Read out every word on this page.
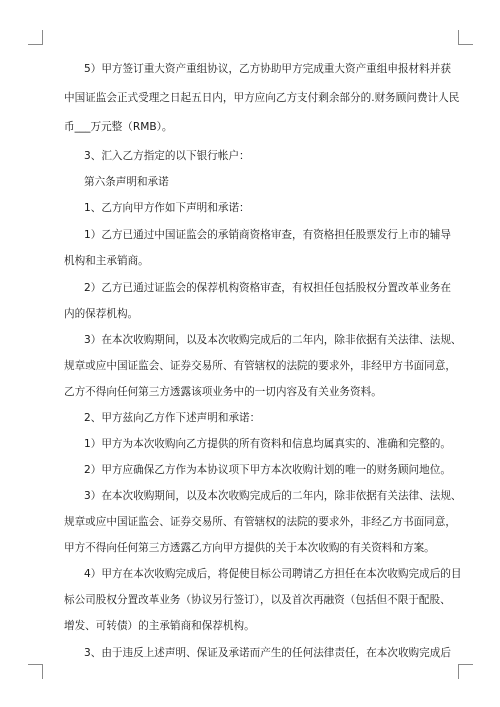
5）甲方签订重大资产重组协议，乙方协助甲方完成重大资产重组申报材料并获
中国证监会正式受理之日起五日内，甲方应向乙方支付剩余部分的.财务顾问费计人民
币___万元整（RMB）。
3、汇入乙方指定的以下银行帐户：
第六条声明和承诺
1、乙方向甲方作如下声明和承诺：
1）乙方已通过中国证监会的承销商资格审查，有资格担任股票发行上市的辅导
机构和主承销商。
2）乙方已通过证监会的保荐机构资格审查，有权担任包括股权分置改革业务在
内的保荐机构。
3）在本次收购期间，以及本次收购完成后的二年内，除非依据有关法律、法规、
规章或应中国证监会、证券交易所、有管辖权的法院的要求外，非经甲方书面同意，
乙方不得向任何第三方透露该项业务中的一切内容及有关业务资料。
2、甲方兹向乙方作下述声明和承诺：
1）甲方为本次收购向乙方提供的所有资料和信息均属真实的、准确和完整的。
2）甲方应确保乙方作为本协议项下甲方本次收购计划的唯一的财务顾问地位。
3）在本次收购期间，以及本次收购完成后的二年内，除非依据有关法律、法规、
规章或应中国证监会、证券交易所、有管辖权的法院的要求外，非经乙方书面同意，
甲方不得向任何第三方透露乙方向甲方提供的关于本次收购的有关资料和方案。
4）甲方在本次收购完成后，将促使目标公司聘请乙方担任在本次收购完成后的目
标公司股权分置改革业务（协议另行签订），以及首次再融资（包括但不限于配股、
增发、可转债）的主承销商和保荐机构。
3、由于违反上述声明、保证及承诺而产生的任何法律责任，在本次收购完成后
